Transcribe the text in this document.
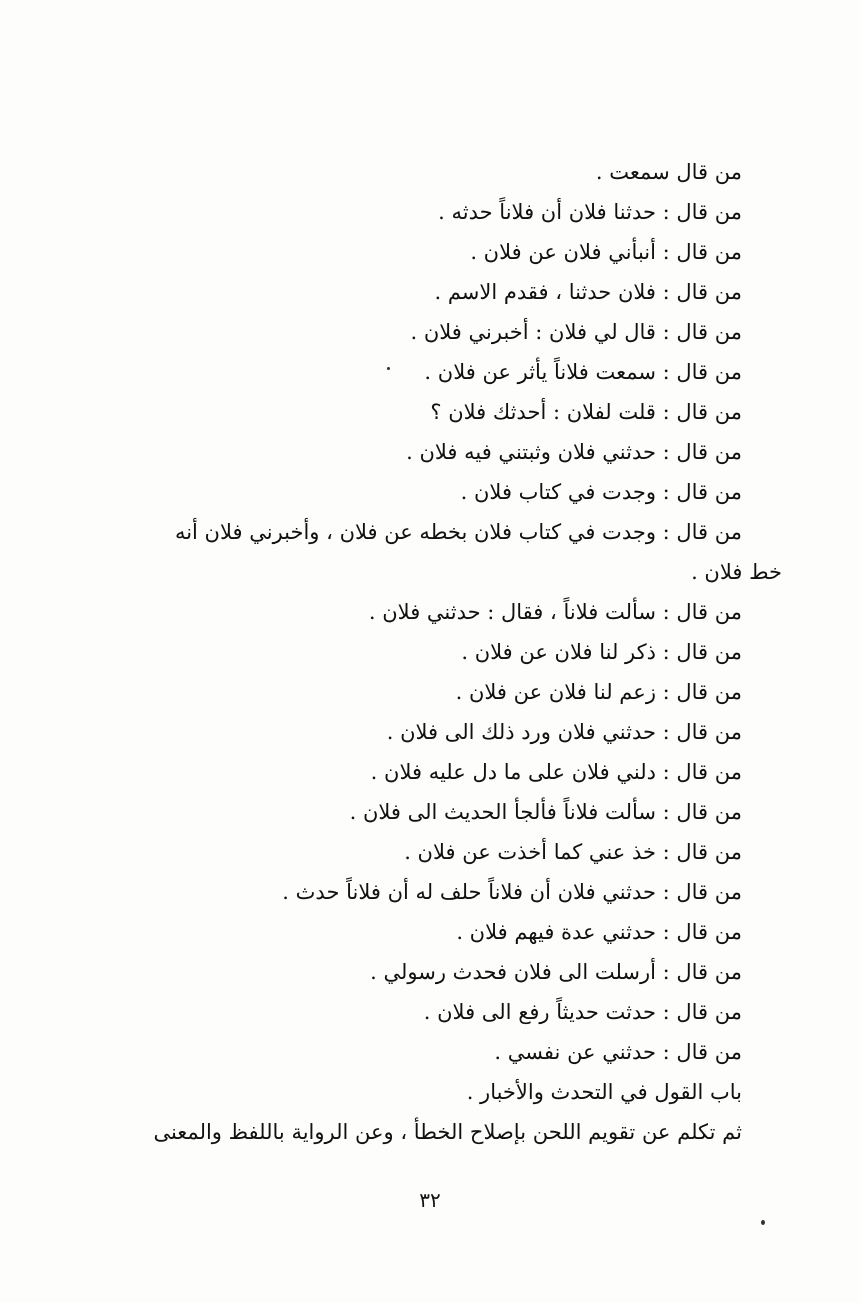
من قال سمعت .
من قال : حدثنا فلان أن فلاناً حدثه .
من قال : أنبأني فلان عن فلان .
من قال : فلان حدثنا ، فقدم الاسم .
من قال : قال لي فلان : أخبرني فلان .
من قال : سمعت فلاناً يأثر عن فلان .
من قال : قلت لفلان : أحدثك فلان ؟
من قال : حدثني فلان وثبتني فيه فلان .
من قال : وجدت في كتاب فلان .
من قال : وجدت في كتاب فلان بخطه عن فلان ، وأخبرني فلان أنه
خط فلان .
من قال : سألت فلاناً ، فقال : حدثني فلان .
من قال : ذكر لنا فلان عن فلان .
من قال : زعم لنا فلان عن فلان .
من قال : حدثني فلان ورد ذلك الى فلان .
من قال : دلني فلان على ما دل عليه فلان .
من قال : سألت فلاناً فألجأ الحديث الى فلان .
من قال : خذ عني كما أخذت عن فلان .
من قال : حدثني فلان أن فلاناً حلف له أن فلاناً حدث .
من قال : حدثني عدة فيهم فلان .
من قال : أرسلت الى فلان فحدث رسولي .
من قال : حدثت حديثاً رفع الى فلان .
من قال : حدثني عن نفسي .
باب القول في التحدث والأخبار .
ثم تكلم عن تقويم اللحن بإصلاح الخطأ ، وعن الرواية باللفظ والمعنى
٣٢
